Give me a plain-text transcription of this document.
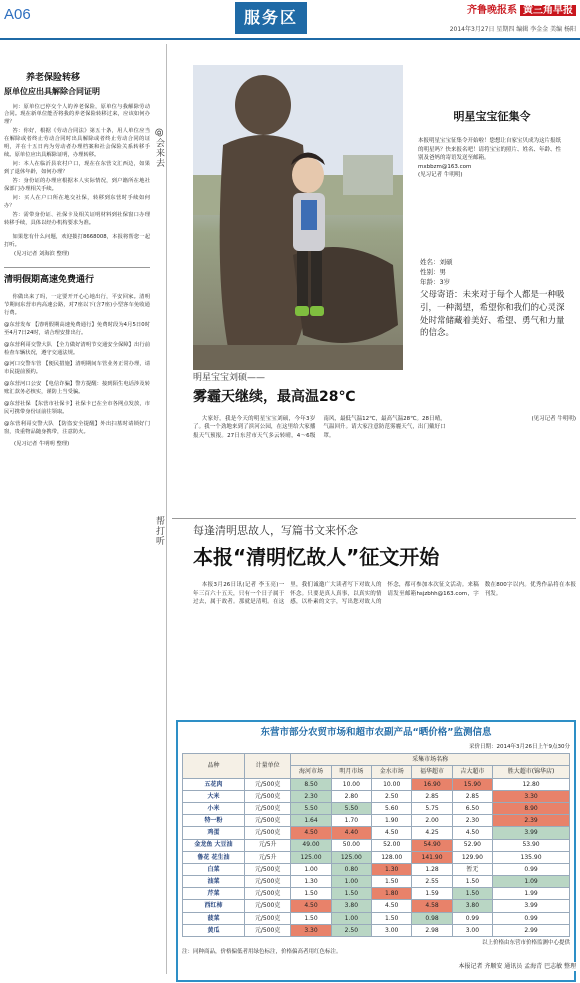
A06	服务区	齐鲁晚报系 黄三角早报
2014年3月27日 星期四 编辑 李金金 美编 杨阳
养老保险转移
原单位应出具解除合同证明

问：原单位已停交个人的养老保险，原单位与我解除劳动合同。现在新单位能否将我的养老保险转移过来，应该如何办理？

答：你好，根据《劳动合同法》第五十条，用人单位应当在解除或者终止劳动合同时出具解除或者终止劳动合同的证明，并在十五日内为劳动者办理档案和社会保险关系转移手续。原单位应出具解除证明，办理转移。

问：本人在临沂县农村户口，现在在东营文汇西边，如果到了退休年龄，如何办理？

答：身份证的办理应根据本人实际情况，到户籍所在地社保部门办理相关手续。

问：买人在户口所在地交社保，转移到东营时手续如何办？

答：需带身份证、社保卡及相关证明材料到社保窗口办理转移手续，具体以经办机构要求为准。

如果您有什么问题，欢迎拨打8668008，本报将帮您一起打听。

(见习记者 刘海滨 整理)
清明假期高速免费通行

你做出来了吗，一定要开开心心地出行，平安回家。清明节期间东营市内高速公路，对7座以下(含7座)小型客车免收通行费。

@东营发布 【清明假期高速免费通行】免费时段为4月5日0时至4月7日24时，请合理安排出行。

@东营利哥交警大队 【全力做好清明节交通安全保障】出行前检查车辆状况，遵守交通法规。

@河口交警车管 【便民措施】清明期间车管业务正常办理，请市民提前预约。

@东营河口公安 【电信诈骗】警方提醒：接到陌生电话涉及转账汇款务必核实，谨防上当受骗。

@东营社保 【东营市社保卡】社保卡已在全市各网点发放，市民可携带身份证前往领取。

@东营利哥交警大队 【防盗安全提醒】外出扫墓时请锁好门窗，贵重物品随身携带，注意防火。

(见习记者 牛明明 整理)
@会来去
帮打听
明星宝宝征集令
本报明星宝宝征集令开始啦！您想让自家宝贝成为这片报纸的明星吗？快来报名吧！请将宝宝的照片、姓名、年龄、性别及爸妈的寄语发送至邮箱。
mxbbzm@163.com
(见习记者 牛明明)
姓名：刘硕
性别：男
年龄：3岁
父母寄语：未来对于每个人都是一种吸引，一种渴望，希望你和我们的心灵深处时常储藏着美好、希望、勇气和力量的信念。
明星宝宝刘硕——
雾霾天继续，最高温28℃

大家好，我是今天的明星宝宝刘硕，今年3岁了。我一个劲地来到了滨河公园，在这里给大家播报天气预报。27日东营市天气多云转晴，4～6级南风，最低气温12℃，最高气温28℃。28日晴，气温回升。请大家注意防范雾霾天气，出门戴好口罩。

(见习记者 牛明明)

每逢清明思故人，写篇书文来怀念
本报“清明忆故人”征文开始

本报3月26日讯(记者 李玉亮)一年三百六十五天，只有一个日子属于过去，属于故者。那就是清明。在这里，我们诚邀广大读者写下对故人的怀念。只要是真人真事，以真实的情感，以朴素的文字，写出您对故人的怀念，都可参加本次征文活动。来稿请发至邮箱hsjzbhh@163.com，字数在800字以内。优秀作品将在本报刊发。

东营市部分农贸市场和超市农副产品“晒价格”监测信息
采价日期：2014年3月26日上午9点30分
品种	计量单位	采集市场名称					
		海河市场	明月市场	金水市场	福华超市	吉大超市	胜大超市(锦华店)
五花肉	元/500克	8.50	10.00	10.00	16.90	15.90	12.80
大米	元/500克	2.30	2.80	2.50	2.85	2.85	3.30
小米	元/500克	5.50	5.50	5.60	5.75	6.50	8.90
特一粉	元/500克	1.64	1.70	1.90	2.00	2.30	2.39
鸡蛋	元/500克	4.50	4.40	4.50	4.25	4.50	3.99
金龙鱼 大豆油	元/5升	49.00	50.00	52.00	54.90	52.90	53.90
鲁花 花生油	元/5升	125.00	125.00	128.00	141.90	129.90	135.90
白菜	元/500克	1.00	0.80	1.30	1.28	暂无	0.99
油菜	元/500克	1.30	1.00	1.50	2.55	1.50	1.09
芹菜	元/500克	1.50	1.50	1.80	1.59	1.50	1.99
西红柿	元/500克	4.50	3.80	4.50	4.58	3.80	3.99
菠菜	元/500克	1.50	1.00	1.50	0.98	0.99	0.99
黄瓜	元/500克	3.30	2.50	3.00	2.98	3.00	2.99
以上价格由东营市价格监测中心提供
注：同种商品，价格偏低者用绿色标注，价格偏高者用红色标注。
本报记者 齐顺安 通讯员 孟海青 巴志敏 整理
